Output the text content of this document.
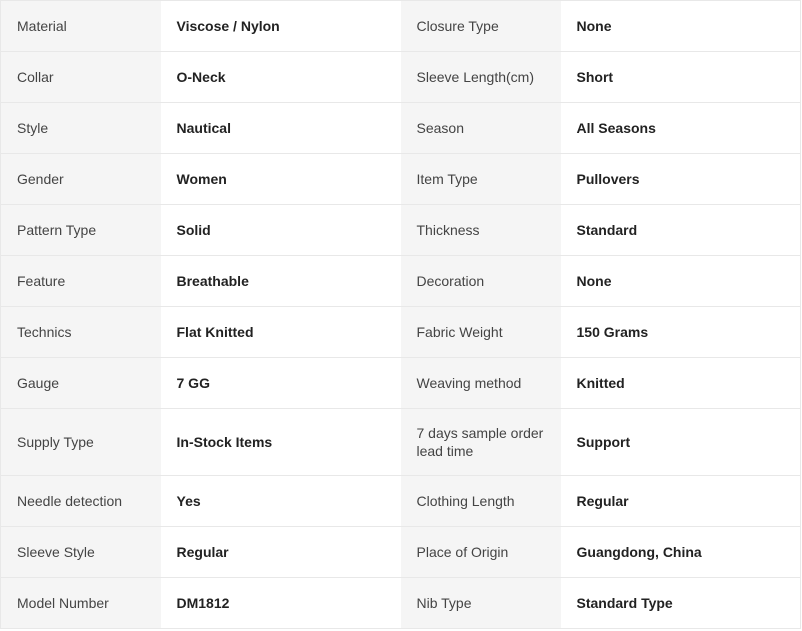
Material	Viscose / Nylon	Closure Type	None
Collar	O-Neck	Sleeve Length(cm)	Short
Style	Nautical	Season	All Seasons
Gender	Women	Item Type	Pullovers
Pattern Type	Solid	Thickness	Standard
Feature	Breathable	Decoration	None
Technics	Flat Knitted	Fabric Weight	150 Grams
Gauge	7 GG	Weaving method	Knitted
Supply Type	In-Stock Items	7 days sample order lead time	Support
Needle detection	Yes	Clothing Length	Regular
Sleeve Style	Regular	Place of Origin	Guangdong, China
Model Number	DM1812	Nib Type	Standard Type
